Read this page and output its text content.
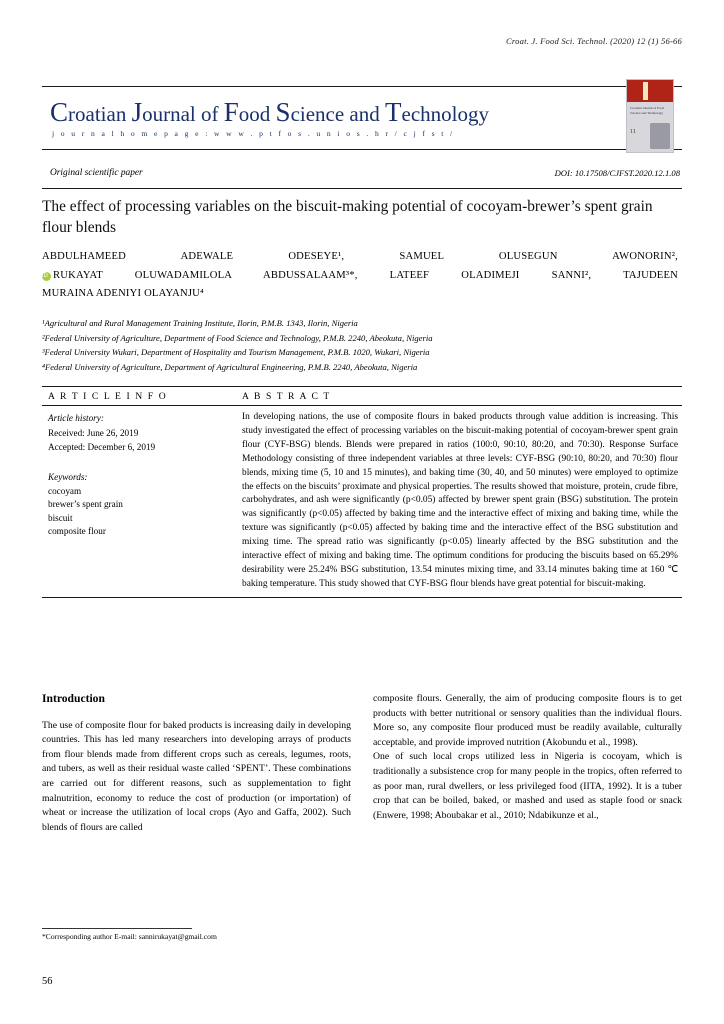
Croat. J. Food Sci. Technol. (2020) 12 (1) 56-66
Croatian Journal of Food Science and Technology
j o u r n a l h o m e p a g e : w w w . p t f o s . u n i o s . h r / c j f s t /
Croatian Journal of Food Science and Technology
11
Original scientific paper	DOI: 10.17508/CJFST.2020.12.1.08
The effect of processing variables on the biscuit-making potential of cocoyam-brewer’s spent grain flour blends
ABDULHAMEED ADEWALE ODESEYE¹, SAMUEL OLUSEGUN AWONORIN²,
iD RUKAYAT OLUWADAMILOLA ABDUSSALAAM³*, LATEEF OLADIMEJI SANNI², TAJUDEEN
MURAINA ADENIYI OLAYANJU⁴
¹Agricultural and Rural Management Training Institute, Ilorin, P.M.B. 1343, Ilorin, Nigeria
²Federal University of Agriculture, Department of Food Science and Technology, P.M.B. 2240, Abeokuta, Nigeria
³Federal University Wukari, Department of Hospitality and Tourism Management, P.M.B. 1020, Wukari, Nigeria
⁴Federal University of Agriculture, Department of Agricultural Engineering, P.M.B. 2240, Abeokuta, Nigeria
A R T I C L E I N F O	A B S T R A C T
Article history:
Received: June 26, 2019
Accepted: December 6, 2019
Keywords:
cocoyam
brewer’s spent grain
biscuit
composite flour
In developing nations, the use of composite flours in baked products through value addition is increasing. This study investigated the effect of processing variables on the biscuit-making potential of cocoyam-brewer spent grain flour (CYF-BSG) blends. Blends were prepared in ratios (100:0, 90:10, 80:20, and 70:30). Response Surface Methodology consisting of three independent variables at three levels: CYF-BSG (90:10, 80:20, and 70:30) flour blends, mixing time (5, 10 and 15 minutes), and baking time (30, 40, and 50 minutes) were employed to optimize the effects on the biscuits’ proximate and physical properties. The results showed that moisture, protein, crude fibre, carbohydrates, and ash were significantly (p<0.05) affected by brewer spent grain (BSG) substitution. The protein was significantly (p<0.05) affected by baking time and the interactive effect of mixing and baking time, while the texture was significantly (p<0.05) affected by baking time and the interactive effect of the BSG substitution and mixing time. The spread ratio was significantly (p<0.05) linearly affected by the BSG substitution and the interactive effect of mixing and baking time. The optimum conditions for producing the biscuits based on 65.29% desirability were 25.24% BSG substitution, 13.54 minutes mixing time, and 33.14 minutes baking time at 160 ℃ baking temperature. This study showed that CYF-BSG flour blends have great potential for biscuit-making.
Introduction

The use of composite flour for baked products is increasing daily in developing countries. This has led many researchers into developing arrays of products from flour blends made from different crops such as cereals, legumes, roots, and tubers, as well as their residual waste called ‘SPENT’. These combinations are carried out for different reasons, such as supplementation to fight malnutrition, economy to reduce the cost of production (or importation) of wheat or increase the utilization of local crops (Ayo and Gaffa, 2002). Such blends of flours are called

composite flours. Generally, the aim of producing composite flours is to get products with better nutritional or sensory qualities than the individual flours. More so, any composite flour produced must be readily available, culturally acceptable, and provide improved nutrition (Akobundu et al., 1998).

One of such local crops utilized less in Nigeria is cocoyam, which is traditionally a subsistence crop for many people in the tropics, often referred to as poor man, rural dwellers, or less privileged food (IITA, 1992). It is a tuber crop that can be boiled, baked, or mashed and used as staple food or snack (Enwere, 1998; Aboubakar et al., 2010; Ndabikunze et al.,

*Corresponding author E-mail: sannirukayat@gmail.com
56
